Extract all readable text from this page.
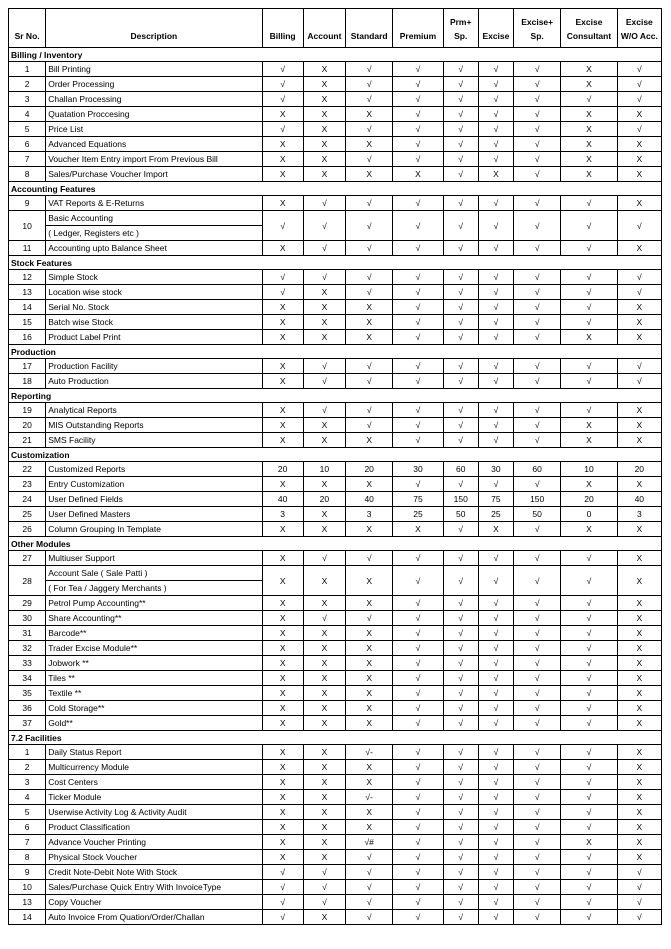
Sr No.	Description	Billing	Account	Standard	Premium	Prm+ Sp.	Excise	Excise+ Sp.	Excise Consultant	Excise W/O Acc.
Billing / Inventory										
1	Bill Printing	√	X	√	√	√	√	√	X	√
2	Order Processing	√	X	√	√	√	√	√	X	√
3	Challan Processing	√	X	√	√	√	√	√	√	√
4	Quatation Proccesing	X	X	X	√	√	√	√	X	X
5	Price List	√	X	√	√	√	√	√	X	√
6	Advanced Equations	X	X	X	√	√	√	√	X	X
7	Voucher Item Entry import From Previous Bill	X	X	√	√	√	√	√	X	X
8	Sales/Purchase Voucher Import	X	X	X	X	√	X	√	X	X
Accounting Features										
9	VAT Reports & E-Returns	X	√	√	√	√	√	√	√	X
10	Basic Accounting	√	√	√	√	√	√	√	√	√
	( Ledger, Registers etc )									
11	Accounting upto Balance Sheet	X	√	√	√	√	√	√	√	X
Stock Features										
12	Simple Stock	√	√	√	√	√	√	√	√	√
13	Location wise stock	√	X	√	√	√	√	√	√	√
14	Serial No. Stock	X	X	X	√	√	√	√	√	X
15	Batch wise Stock	X	X	X	√	√	√	√	√	X
16	Product Label Print	X	X	X	√	√	√	√	X	X
Production										
17	Production Facility	X	√	√	√	√	√	√	√	√
18	Auto Production	X	√	√	√	√	√	√	√	√
Reporting										
19	Analytical Reports	X	√	√	√	√	√	√	√	X
20	MIS Outstanding Reports	X	X	√	√	√	√	√	X	X
21	SMS Facility	X	X	X	√	√	√	√	X	X
Customization										
22	Customized Reports	20	10	20	30	60	30	60	10	20
23	Entry Customization	X	X	X	√	√	√	√	X	X
24	User Defined Fields	40	20	40	75	150	75	150	20	40
25	User Defined Masters	3	X	3	25	50	25	50	0	3
26	Column Grouping In Template	X	X	X	X	√	X	√	X	X
Other Modules										
27	Multiuser Support	X	√	√	√	√	√	√	√	X
28	Account Sale ( Sale Patti )	X	X	X	√	√	√	√	√	X
	( For Tea / Jaggery Merchants )									
29	Petrol Pump Accounting**	X	X	X	√	√	√	√	√	X
30	Share Accounting**	X	√	√	√	√	√	√	√	X
31	Barcode**	X	X	X	√	√	√	√	√	X
32	Trader Excise Module**	X	X	X	√	√	√	√	√	X
33	Jobwork **	X	X	X	√	√	√	√	√	X
34	Tiles **	X	X	X	√	√	√	√	√	X
35	Textile **	X	X	X	√	√	√	√	√	X
36	Cold Storage**	X	X	X	√	√	√	√	√	X
37	Gold**	X	X	X	√	√	√	√	√	X
7.2 Facilities										
1	Daily Status Report	X	X	√-	√	√	√	√	√	X
2	Multicurrency Module	X	X	X	√	√	√	√	√	X
3	Cost Centers	X	X	X	√	√	√	√	√	X
4	Ticker Module	X	X	√-	√	√	√	√	√	X
5	Userwise Activity Log & Activity Audit	X	X	X	√	√	√	√	√	X
6	Product Classification	X	X	X	√	√	√	√	√	X
7	Advance Voucher Printing	X	X	√#	√	√	√	√	X	X
8	Physical Stock Voucher	X	X	√	√	√	√	√	√	X
9	Credit Note-Debit Note With Stock	√	√	√	√	√	√	√	√	√
10	Sales/Purchase Quick Entry With InvoiceType	√	√	√	√	√	√	√	√	√
13	Copy Voucher	√	√	√	√	√	√	√	√	√
14	Auto Invoice From Quation/Order/Challan	√	X	√	√	√	√	√	√	√
